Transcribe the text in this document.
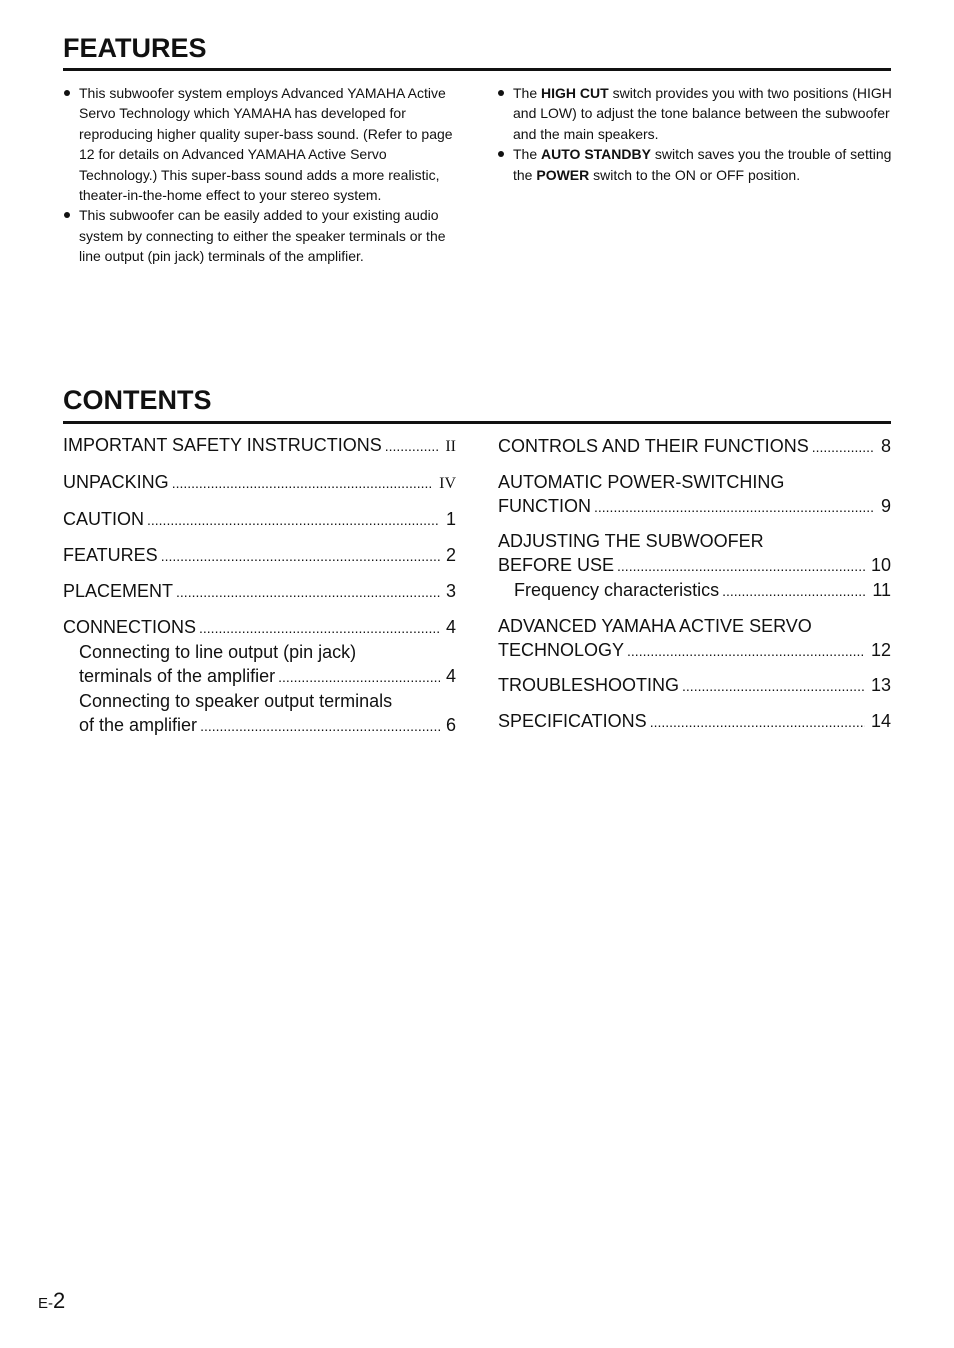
FEATURES

This subwoofer system employs Advanced YAMAHA Active Servo Technology which YAMAHA has developed for reproducing higher quality super-bass sound. (Refer to page 12 for details on Advanced YAMAHA Active Servo Technology.) This super-bass sound adds a more realistic, theater-in-the-home effect to your stereo system.

This subwoofer can be easily added to your existing audio system by connecting to either the speaker terminals or the line output (pin jack) terminals of the amplifier.

The HIGH CUT switch provides you with two positions (HIGH and LOW) to adjust the tone balance between the subwoofer and the main speakers.

The AUTO STANDBY switch saves you the trouble of setting the POWER switch to the ON or OFF position.

CONTENTS
IMPORTANT SAFETY INSTRUCTIONS .....	II
UNPACKING .....	IV
CAUTION .....	1
FEATURES .....	2
PLACEMENT .....	3
CONNECTIONS .....	4

Connecting to line output (pin jack)

terminals of the amplifier .....	4

Connecting to speaker output terminals

of the amplifier .....	6
CONTROLS AND THEIR FUNCTIONS .....	8

AUTOMATIC POWER-SWITCHING

FUNCTION .....	9

ADJUSTING THE SUBWOOFER

BEFORE USE .....	10
Frequency characteristics .....	11

ADVANCED YAMAHA ACTIVE SERVO

TECHNOLOGY .....	12
TROUBLESHOOTING .....	13
SPECIFICATIONS .....	14
E-2
